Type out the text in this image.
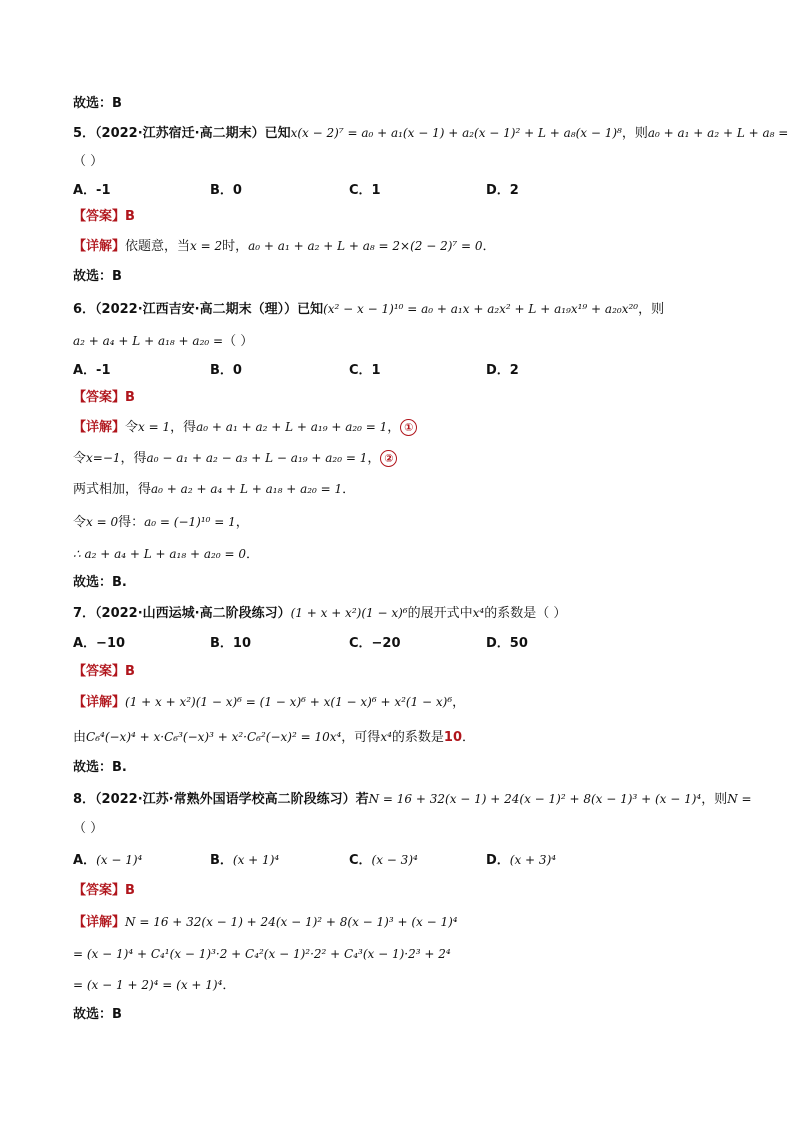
故选：B
5．（2022·江苏宿迁·高二期末）已知x(x − 2)⁷ = a₀ + a₁(x − 1) + a₂(x − 1)² + L + a₈(x − 1)⁸，则a₀ + a₁ + a₂ + L + a₈ =
（ ）
A．-1	B．0	C．1	D．2
【答案】B
【详解】依题意，当x = 2时，a₀ + a₁ + a₂ + L + a₈ = 2×(2 − 2)⁷ = 0．
故选：B
6．（2022·江西吉安·高二期末（理））已知(x² − x − 1)¹⁰ = a₀ + a₁x + a₂x² + L + a₁₉x¹⁹ + a₂₀x²⁰，则
a₂ + a₄ + L + a₁₈ + a₂₀ =（ ）
A．-1	B．0	C．1	D．2
【答案】B
【详解】令x = 1，得a₀ + a₁ + a₂ + L + a₁₉ + a₂₀ = 1， ①
令x=−1，得a₀ − a₁ + a₂ − a₃ + L − a₁₉ + a₂₀ = 1， ②
两式相加，得a₀ + a₂ + a₄ + L + a₁₈ + a₂₀ = 1．
令x = 0得：a₀ = (−1)¹⁰ = 1，
∴ a₂ + a₄ + L + a₁₈ + a₂₀ = 0．
故选：B.
7．（2022·山西运城·高二阶段练习）(1 + x + x²)(1 − x)⁶的展开式中x⁴的系数是（ ）
A．−10	B．10	C．−20	D．50
【答案】B
【详解】(1 + x + x²)(1 − x)⁶ = (1 − x)⁶ + x(1 − x)⁶ + x²(1 − x)⁶，
由C₆⁴(−x)⁴ + x·C₆³(−x)³ + x²·C₆²(−x)² = 10x⁴，可得x⁴的系数是10．
故选：B.
8．（2022·江苏·常熟外国语学校高二阶段练习）若N = 16 + 32(x − 1) + 24(x − 1)² + 8(x − 1)³ + (x − 1)⁴，则N =
（ ）
A．(x − 1)⁴	B．(x + 1)⁴	C．(x − 3)⁴	D．(x + 3)⁴
【答案】B
【详解】N = 16 + 32(x − 1) + 24(x − 1)² + 8(x − 1)³ + (x − 1)⁴
= (x − 1)⁴ + C₄¹(x − 1)³·2 + C₄²(x − 1)²·2² + C₄³(x − 1)·2³ + 2⁴
= (x − 1 + 2)⁴ = (x + 1)⁴．
故选：B
